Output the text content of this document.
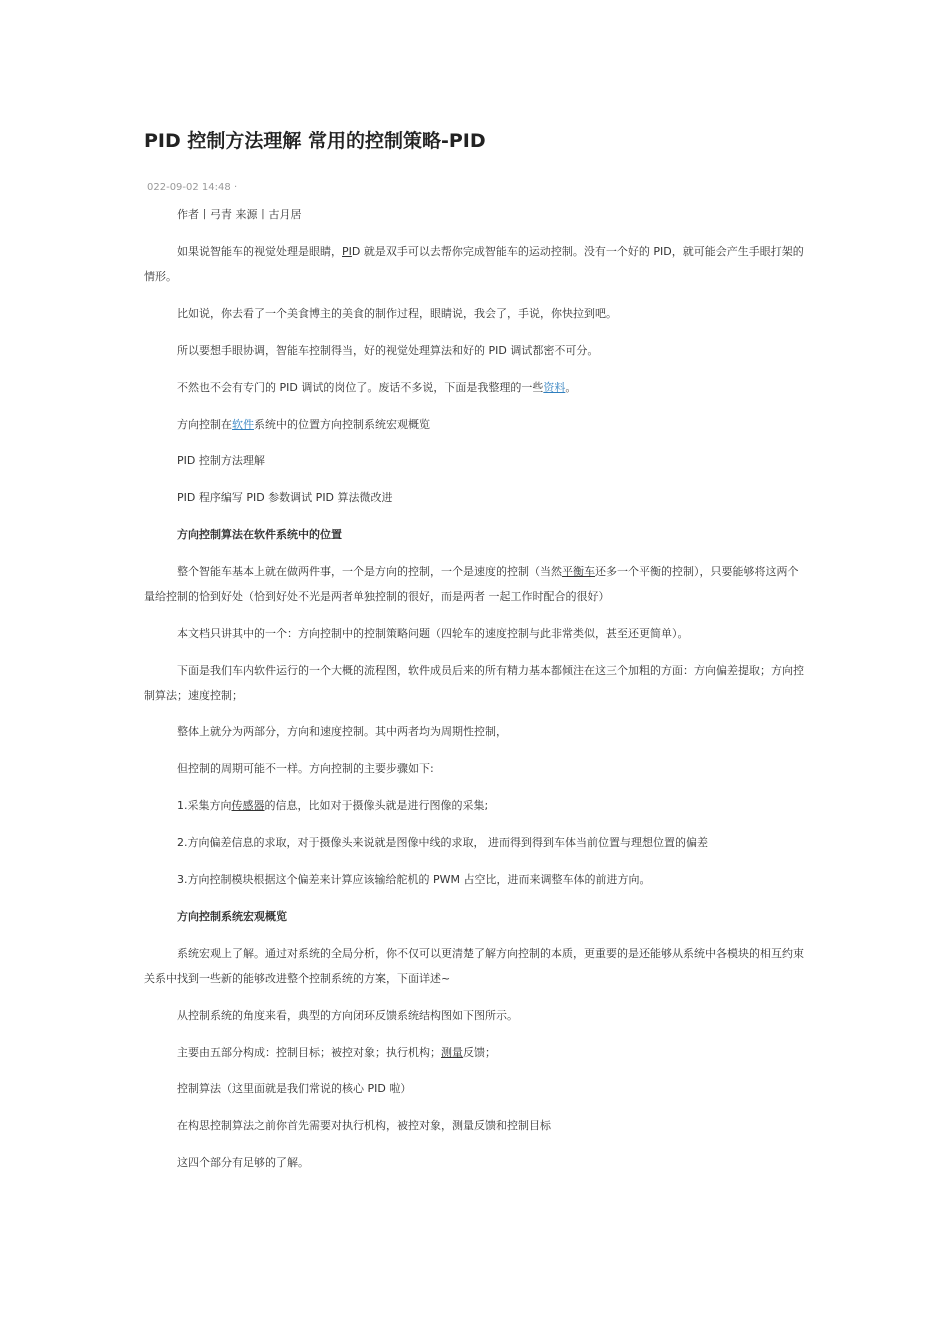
PID 控制方法理解 常用的控制策略-PID
022-09-02 14:48 ·

作者丨弓青 来源丨古月居

如果说智能车的视觉处理是眼睛，PID 就是双手可以去帮你完成智能车的运动控制。没有一个好的 PID，就可能会产生手眼打架的情形。

比如说，你去看了一个美食博主的美食的制作过程，眼睛说，我会了，手说，你快拉到吧。

所以要想手眼协调，智能车控制得当，好的视觉处理算法和好的 PID 调试都密不可分。

不然也不会有专门的 PID 调试的岗位了。废话不多说，下面是我整理的一些资料。

方向控制在软件系统中的位置方向控制系统宏观概览

PID 控制方法理解

PID 程序编写 PID 参数调试 PID 算法微改进

方向控制算法在软件系统中的位置

整个智能车基本上就在做两件事，一个是方向的控制，一个是速度的控制（当然平衡车还多一个平衡的控制），只要能够将这两个量给控制的恰到好处（恰到好处不光是两者单独控制的很好，而是两者 一起工作时配合的很好）

本文档只讲其中的一个：方向控制中的控制策略问题（四轮车的速度控制与此非常类似，甚至还更简单）。

下面是我们车内软件运行的一个大概的流程图，软件成员后来的所有精力基本都倾注在这三个加粗的方面：方向偏差提取；方向控制算法；速度控制；

整体上就分为两部分，方向和速度控制。其中两者均为周期性控制，

但控制的周期可能不一样。方向控制的主要步骤如下:

1.采集方向传感器的信息，比如对于摄像头就是进行图像的采集;

2.方向偏差信息的求取，对于摄像头来说就是图像中线的求取， 进而得到得到车体当前位置与理想位置的偏差

3.方向控制模块根据这个偏差来计算应该输给舵机的 PWM 占空比，进而来调整车体的前进方向。

方向控制系统宏观概览

系统宏观上了解。通过对系统的全局分析，你不仅可以更清楚了解方向控制的本质，更重要的是还能够从系统中各模块的相互约束关系中找到一些新的能够改进整个控制系统的方案，下面详述~

从控制系统的角度来看，典型的方向闭环反馈系统结构图如下图所示。

主要由五部分构成：控制目标；被控对象；执行机构；测量反馈；

控制算法（这里面就是我们常说的核心 PID 啦）

在构思控制算法之前你首先需要对执行机构，被控对象，测量反馈和控制目标

这四个部分有足够的了解。
